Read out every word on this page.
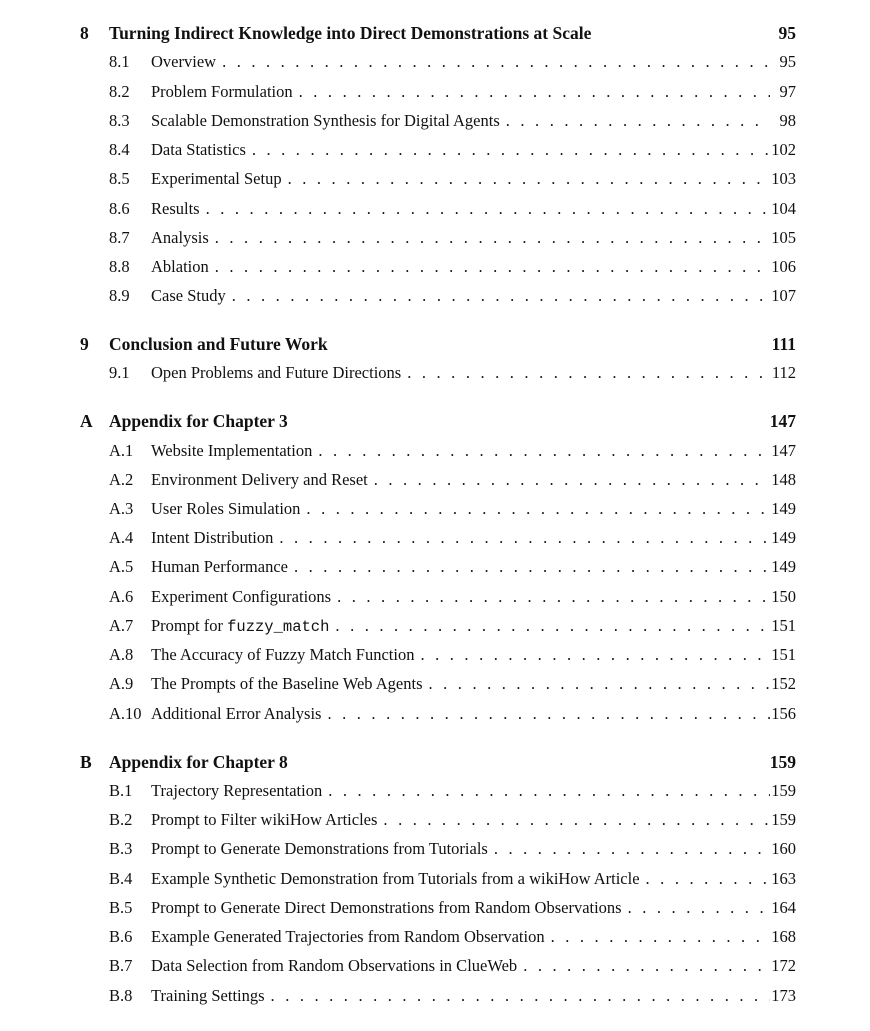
8 Turning Indirect Knowledge into Direct Demonstrations at Scale	95
8.1	Overview . . .	95
8.2	Problem Formulation . . .	97
8.3	Scalable Demonstration Synthesis for Digital Agents . . .	98
8.4	Data Statistics . . .	102
8.5	Experimental Setup . . .	103
8.6	Results . . .	104
8.7	Analysis . . .	105
8.8	Ablation . . .	106
8.9	Case Study . . .	107
9 Conclusion and Future Work	111
9.1	Open Problems and Future Directions . . .	112
A Appendix for Chapter 3	147
A.1	Website Implementation . . .	147
A.2	Environment Delivery and Reset . . .	148
A.3	User Roles Simulation . . .	149
A.4	Intent Distribution . . .	149
A.5	Human Performance . . .	149
A.6	Experiment Configurations . . .	150
A.7	Prompt for fuzzy_match . . .	151
A.8	The Accuracy of Fuzzy Match Function . . .	151
A.9	The Prompts of the Baseline Web Agents . . .	152
A.10 Additional Error Analysis . . .	156
B Appendix for Chapter 8	159
B.1	Trajectory Representation . . .	159
B.2	Prompt to Filter wikiHow Articles . . .	159
B.3	Prompt to Generate Demonstrations from Tutorials . . .	160
B.4	Example Synthetic Demonstration from Tutorials from a wikiHow Article . . .	163
B.5	Prompt to Generate Direct Demonstrations from Random Observations . . .	164
B.6	Example Generated Trajectories from Random Observation . . .	168
B.7	Data Selection from Random Observations in ClueWeb . . .	172
B.8	Training Settings . . .	173
